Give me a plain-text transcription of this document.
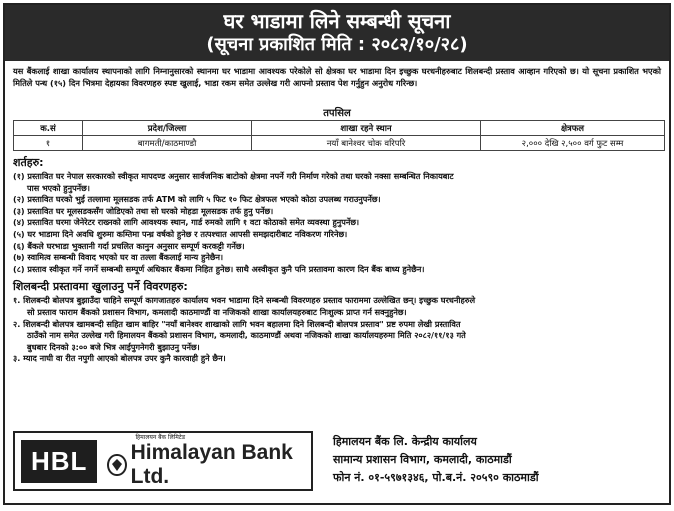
घर भाडामा लिने सम्बन्धी सूचना
(सूचना प्रकाशित मिति : २०८२/१०/२८)
यस बैंकलाई शाखा कार्यालय स्थापनाको लागि निम्नानुसारको स्थानमा घर भाडामा आवश्यक परेकोले सो क्षेत्रका घर भाडामा दिन इच्छुक घरधनीहरुबाट शिलबन्दी प्रस्ताव आव्हान गरिएको छ। यो सूचना प्रकाशित भएको मितिले पन्ध (१५) दिन भित्रमा देहायका विवरणहरु स्पष्ट खुलाई, भाडा रकम समेत उल्लेख गरी आफ्नो प्रस्ताव पेश गर्नुहुन अनुरोध गरिन्छ।
तपसिल
क.सं	प्रदेश/जिल्ला	शाखा रहने स्थान	क्षेत्रफल
१	बागमती/काठमाण्डौ	नयाँ बानेश्वर चोक वरिपरि	२,००० देखि २,५०० वर्ग फुट सम्म
शर्तहरु:
(१) प्रस्तावित घर नेपाल सरकारको स्वीकृत मापदण्ड अनुसार सार्वजनिक बाटोको क्षेत्रमा नपर्ने गरी निर्माण गरेको तथा घरको नक्सा सम्बन्धित निकायबाट
पास भएको हुनुपर्नेछ।
(२) प्रस्तावित घरको भुई तल्लामा मूलसडक तर्फ ATM को लागि ५ फिट १० फिट क्षेत्रफल भएको कोठा उपलब्ध गराउनुपर्नेछ।
(३) प्रस्तावित घर मूलसडकसँग जोडिएको तथा सो घरको मोहडा मूलसडक तर्फ हुनु पर्नेछ।
(४) प्रस्तावित घरमा जेनेरेटर राख्नको लागि आवश्यक स्थान, गार्ड रुमको लागि १ वटा कोठाको समेत व्यवस्था हुनुपर्नेछ।
(५) घर भाडामा दिने अवधि शुरुमा कम्तिमा पन्ध्र वर्षको हुनेछ र तत्पश्चात आपसी समझदारीबाट नविकरण गरिनेछ।
(६) बैंकले घरभाडा भुक्तानी गर्दा प्रचलित कानुन अनुसार सम्पूर्ण करकट्टी गर्नेछ।
(७) स्वामित्व सम्बन्धी विवाद भएको घर वा तल्ला बैंकलाई मान्य हुनेछैन।
(८) प्रस्ताव स्वीकृत गर्ने नगर्ने सम्बन्धी सम्पूर्ण अधिकार बैंकमा निहित हुनेछ। साथै अस्वीकृत कुनै पनि प्रस्तावमा कारण दिन बैंक बाध्य हुनेछैन।
शिलबन्दी प्रस्तावमा खुलाउनु पर्ने विवरणहरु:
१. शिलबन्दी बोलपत्र बुझाउँदा चाहिने सम्पूर्ण कागजातहरु कार्यालय भवन भाडामा दिने सम्बन्धी विवरणहरु प्रस्ताव फाराममा उल्लेखित छन्। इच्छुक घरधनीहरुले
सो प्रस्ताव फाराम बैंकको प्रशासन विभाग, कमलादी काठमाण्डौं वा नजिकको शाखा कार्यालयहरुबाट निःशुल्क प्राप्त गर्न सक्नुहुनेछ।
२. शिलबन्दी बोलपत्र खामबन्दी सहित खाम बाहिर "नयाँ बानेश्वर शाखाको लागि भवन बहालमा दिने शिलबन्दी बोलपत्र प्रस्ताव" प्रष्ट रुपमा लेखी प्रस्तावित
ठाउँको नाम समेत उल्लेख गरी हिमालयन बैंकको प्रशासन विभाग, कमलादी, काठमाण्डौं अथवा नजिकको शाखा कार्यालयहरुमा मिति २०८२/११/१३ गते
बुधबार दिनको ३:०० बजे भित्र आईपुगनेगरी बुझाउनु पर्नेछ।
३. म्याद नाघी वा रीत नपुगी आएको बोलपत्र उपर कुनै कारवाही हुने छैन।
HBL
हिमालयन बैंक लिमिटेड
Himalayan Bank Ltd.
हिमालयन बैंक लि. केन्द्रीय कार्यालय
सामान्य प्रशासन विभाग, कमलादी, काठमाडौं
फोन नं. ०१-५९७१३४६, पो.ब.नं. २०५९० काठमाडौं
